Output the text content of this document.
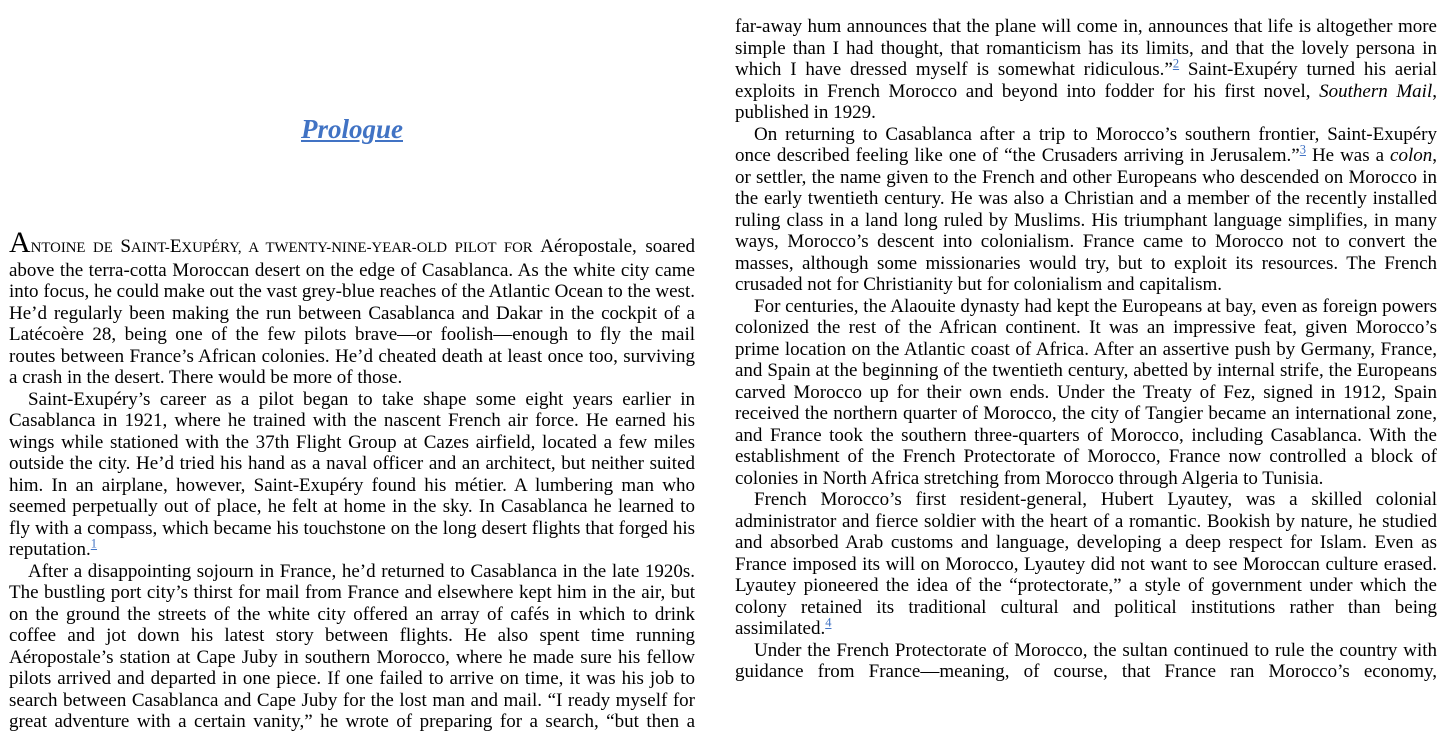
Prologue

ANTOINE DE SAINT-EXUPÉRY, A TWENTY-NINE-YEAR-OLD PILOT FOR Aéropostale, soared above the terra-cotta Moroccan desert on the edge of Casablanca. As the white city came into focus, he could make out the vast grey-blue reaches of the Atlantic Ocean to the west. He’d regularly been making the run between Casablanca and Dakar in the cockpit of a Latécoère 28, being one of the few pilots brave—or foolish—enough to fly the mail routes between France’s African colonies. He’d cheated death at least once too, surviving a crash in the desert. There would be more of those.

Saint-Exupéry’s career as a pilot began to take shape some eight years earlier in Casablanca in 1921, where he trained with the nascent French air force. He earned his wings while stationed with the 37th Flight Group at Cazes airfield, located a few miles outside the city. He’d tried his hand as a naval officer and an architect, but neither suited him. In an airplane, however, Saint-Exupéry found his métier. A lumbering man who seemed perpetually out of place, he felt at home in the sky. In Casablanca he learned to fly with a compass, which became his touchstone on the long desert flights that forged his reputation.$^1$

After a disappointing sojourn in France, he’d returned to Casablanca in the late 1920s. The bustling port city’s thirst for mail from France and elsewhere kept him in the air, but on the ground the streets of the white city offered an array of cafés in which to drink coffee and jot down his latest story between flights. He also spent time running Aéropostale’s station at Cape Juby in southern Morocco, where he made sure his fellow pilots arrived and departed in one piece. If one failed to arrive on time, it was his job to search between Casablanca and Cape Juby for the lost man and mail. “I ready myself for great adventure with a certain vanity,” he wrote of preparing for a search, “but then a

far-away hum announces that the plane will come in, announces that life is altogether more simple than I had thought, that romanticism has its limits, and that the lovely persona in which I have dressed myself is somewhat ridiculous.”$^2$ Saint-Exupéry turned his aerial exploits in French Morocco and beyond into fodder for his first novel, Southern Mail, published in 1929.

On returning to Casablanca after a trip to Morocco’s southern frontier, Saint-Exupéry once described feeling like one of “the Crusaders arriving in Jerusalem.”$^3$ He was a colon, or settler, the name given to the French and other Europeans who descended on Morocco in the early twentieth century. He was also a Christian and a member of the recently installed ruling class in a land long ruled by Muslims. His triumphant language simplifies, in many ways, Morocco’s descent into colonialism. France came to Morocco not to convert the masses, although some missionaries would try, but to exploit its resources. The French crusaded not for Christianity but for colonialism and capitalism.

For centuries, the Alaouite dynasty had kept the Europeans at bay, even as foreign powers colonized the rest of the African continent. It was an impressive feat, given Morocco’s prime location on the Atlantic coast of Africa. After an assertive push by Germany, France, and Spain at the beginning of the twentieth century, abetted by internal strife, the Europeans carved Morocco up for their own ends. Under the Treaty of Fez, signed in 1912, Spain received the northern quarter of Morocco, the city of Tangier became an international zone, and France took the southern three-quarters of Morocco, including Casablanca. With the establishment of the French Protectorate of Morocco, France now controlled a block of colonies in North Africa stretching from Morocco through Algeria to Tunisia.

French Morocco’s first resident-general, Hubert Lyautey, was a skilled colonial administrator and fierce soldier with the heart of a romantic. Bookish by nature, he studied and absorbed Arab customs and language, developing a deep respect for Islam. Even as France imposed its will on Morocco, Lyautey did not want to see Moroccan culture erased. Lyautey pioneered the idea of the “protectorate,” a style of government under which the colony retained its traditional cultural and political institutions rather than being assimilated.$^4$

Under the French Protectorate of Morocco, the sultan continued to rule the country with guidance from France—meaning, of course, that France ran Morocco’s economy,
